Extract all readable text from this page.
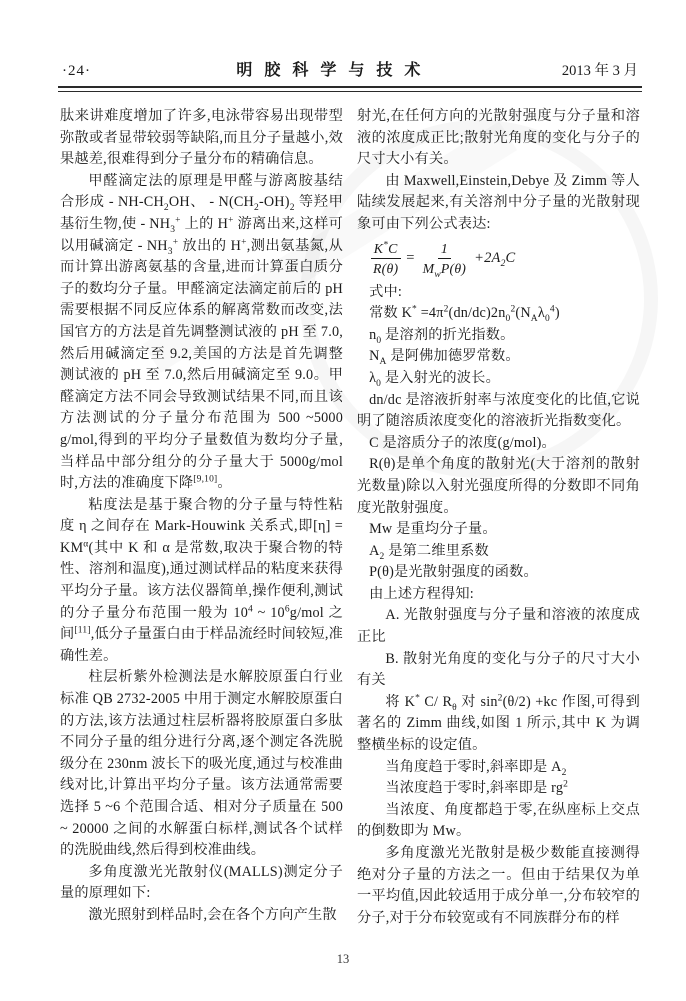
·24·	明胶科学与技术	2013 年 3 月

肽来讲难度增加了许多,电泳带容易出现带型弥散或者显带较弱等缺陷,而且分子量越小,效果越差,很难得到分子量分布的精确信息。

甲醛滴定法的原理是甲醛与游离胺基结合形成 - $NH-CH_2OH$、 - $N(CH_2-OH)_2$ 等羟甲基衍生物,使 - $NH_3^+$ 上的 H+ 游离出来,这样可以用碱滴定 - $NH_3^+$ 放出的 H+,测出氨基氮,从而计算出游离氨基的含量,进而计算蛋白质分子的数均分子量。甲醛滴定法滴定前后的 pH 需要根据不同反应体系的解离常数而改变,法国官方的方法是首先调整测试液的 pH 至 7.0,然后用碱滴定至 9.2,美国的方法是首先调整测试液的 pH 至 7.0,然后用碱滴定至 9.0。甲醛滴定方法不同会导致测试结果不同,而且该方法测试的分子量分布范围为 500 ~5000 g/mol,得到的平均分子量数值为数均分子量,当样品中部分组分的分子量大于 5000g/mol 时,方法的准确度下降[9,10]。

粘度法是基于聚合物的分子量与特性粘度 η 之间存在 Mark-Houwink 关系式,即$[\eta] = KM^\alpha$(其中 K 和 α 是常数,取决于聚合物的特性、溶剂和温度),通过测试样品的粘度来获得平均分子量。该方法仪器简单,操作便利,测试的分子量分布范围一般为 $10^4$ ~ $10^6g$/mol 之间[11],低分子量蛋白由于样品流经时间较短,准确性差。

柱层析紫外检测法是水解胶原蛋白行业标准 QB 2732-2005 中用于测定水解胶原蛋白的方法,该方法通过柱层析器将胶原蛋白多肽不同分子量的组分进行分离,逐个测定各洗脱级分在 230nm 波长下的吸光度,通过与校准曲线对比,计算出平均分子量。该方法通常需要选择 5 ~6 个范围合适、相对分子质量在 500 ~ 20000 之间的水解蛋白标样,测试各个试样的洗脱曲线,然后得到校准曲线。

多角度激光光散射仪(MALLS)测定分子量的原理如下:

激光照射到样品时,会在各个方向产生散

射光,在任何方向的光散射强度与分子量和溶液的浓度成正比;散射光角度的变化与分子的尺寸大小有关。

由 Maxwell,Einstein,Debye 及 Zimm 等人陆续发展起来,有关溶剂中分子量的光散射现象可由下列公式表达:

$\frac{K^*C}{R(\theta)} = \frac{1}{M_wP(\theta)} +2A_2C$

式中:

常数 $K^* =4\pi^2(dn/dc)2n_0^2(N_A\lambda_0^4)$

$n_0$ 是溶剂的折光指数。

$N_A$ 是阿佛加德罗常数。

$\lambda_0$ 是入射光的波长。

dn/dc 是溶液折射率与浓度变化的比值,它说明了随溶质浓度变化的溶液折光指数变化。

C 是溶质分子的浓度(g/mol)。

R(θ)是单个角度的散射光(大于溶剂的散射光数量)除以入射光强度所得的分数即不同角度光散射强度。

Mw 是重均分子量。

$A_2$ 是第二维里系数

P(θ)是光散射强度的函数。

由上述方程得知:

A. 光散射强度与分子量和溶液的浓度成正比

B. 散射光角度的变化与分子的尺寸大小有关

将 K* C/ $R_\theta$ 对 $\sin^2(\theta/2) +kc$ 作图,可得到著名的 Zimm 曲线,如图 1 所示,其中 K 为调整横坐标的设定值。

当角度趋于零时,斜率即是 $A_2$

当浓度趋于零时,斜率即是 $rg^2$

当浓度、角度都趋于零,在纵座标上交点的倒数即为 Mw。

多角度激光光散射是极少数能直接测得绝对分子量的方法之一。但由于结果仅为单一平均值,因此较适用于成分单一,分布较窄的分子,对于分布较宽或有不同族群分布的样

13
